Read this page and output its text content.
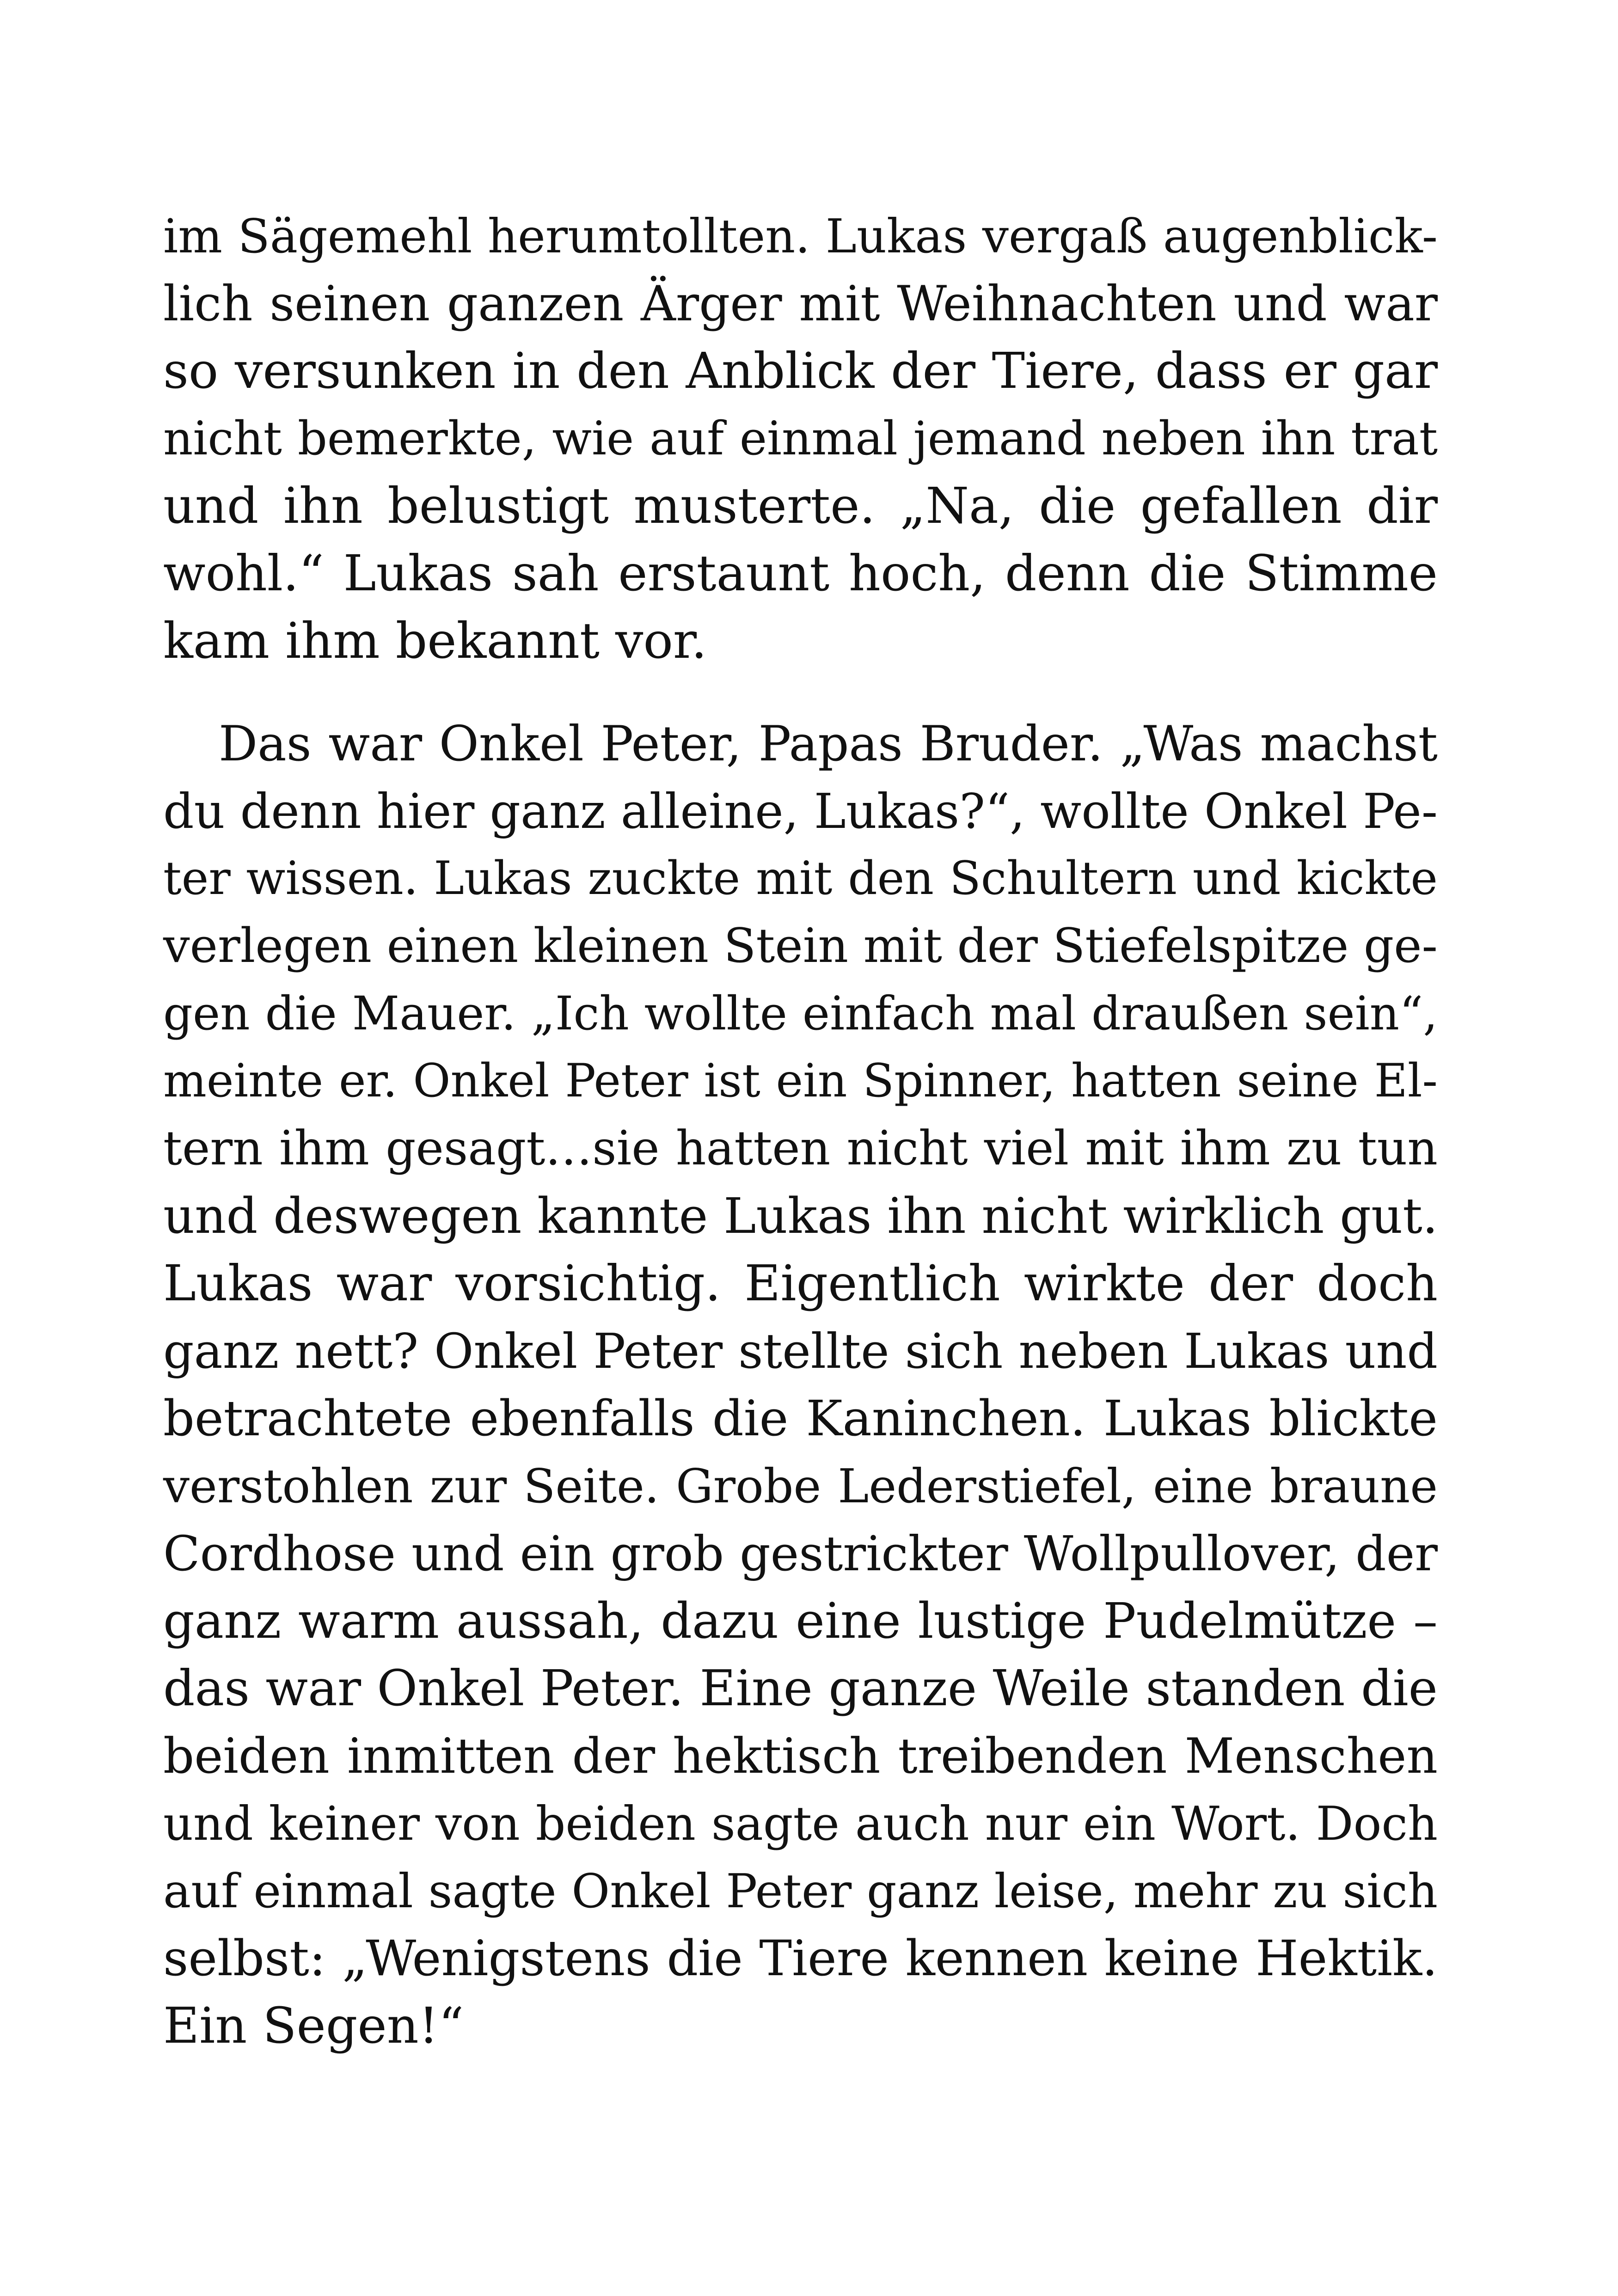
im Sägemehl herumtollten. Lukas vergaß augenblick-
lich seinen ganzen Ärger mit Weihnachten und war
so versunken in den Anblick der Tiere, dass er gar
nicht bemerkte, wie auf einmal jemand neben ihn trat
und ihn belustigt musterte. „Na, die gefallen dir
wohl.“ Lukas sah erstaunt hoch, denn die Stimme
kam ihm bekannt vor.
Das war Onkel Peter, Papas Bruder. „Was machst
du denn hier ganz alleine, Lukas?“, wollte Onkel Pe-
ter wissen. Lukas zuckte mit den Schultern und kickte
verlegen einen kleinen Stein mit der Stiefelspitze ge-
gen die Mauer. „Ich wollte einfach mal draußen sein“,
meinte er. Onkel Peter ist ein Spinner, hatten seine El-
tern ihm gesagt…sie hatten nicht viel mit ihm zu tun
und deswegen kannte Lukas ihn nicht wirklich gut.
Lukas war vorsichtig. Eigentlich wirkte der doch
ganz nett? Onkel Peter stellte sich neben Lukas und
betrachtete ebenfalls die Kaninchen. Lukas blickte
verstohlen zur Seite. Grobe Lederstiefel, eine braune
Cordhose und ein grob gestrickter Wollpullover, der
ganz warm aussah, dazu eine lustige Pudelmütze –
das war Onkel Peter. Eine ganze Weile standen die
beiden inmitten der hektisch treibenden Menschen
und keiner von beiden sagte auch nur ein Wort. Doch
auf einmal sagte Onkel Peter ganz leise, mehr zu sich
selbst: „Wenigstens die Tiere kennen keine Hektik.
Ein Segen!“
